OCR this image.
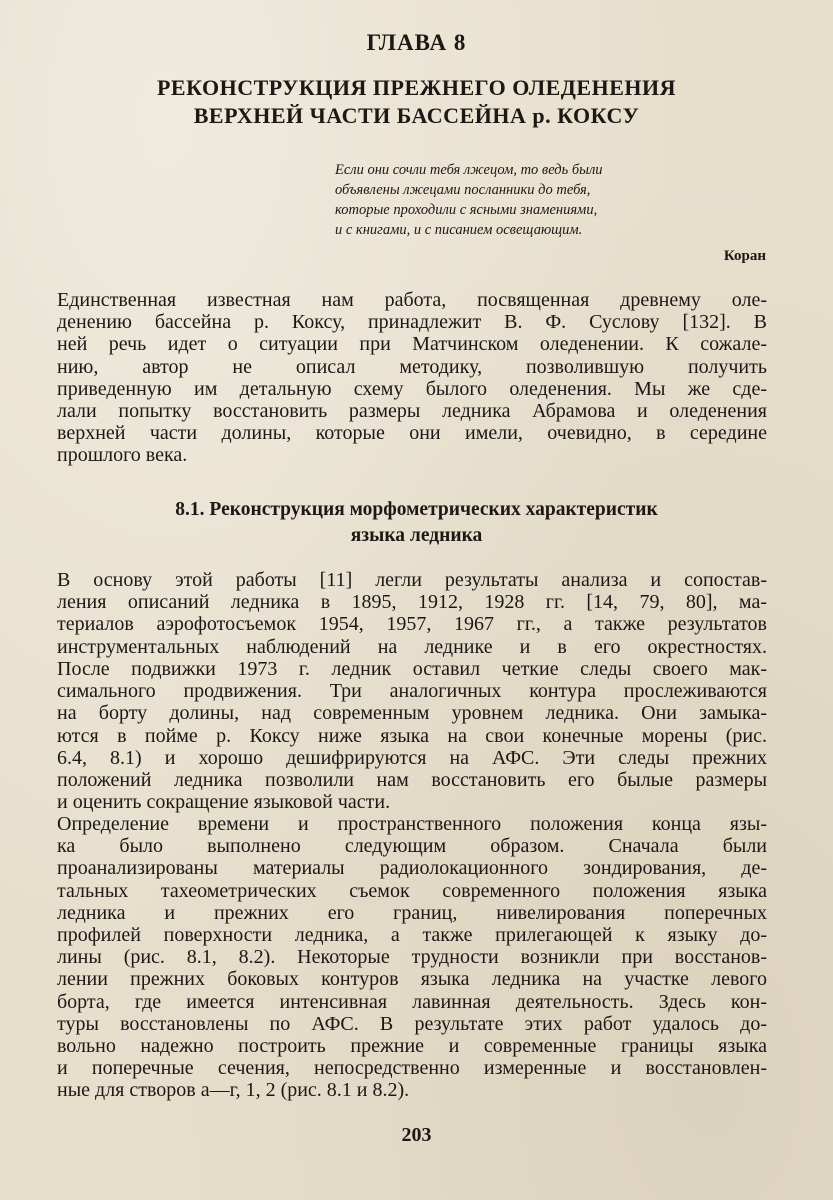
ГЛАВА 8
РЕКОНСТРУКЦИЯ ПРЕЖНЕГО ОЛЕДЕНЕНИЯ
ВЕРХНЕЙ ЧАСТИ БАССЕЙНА р. КОКСУ
Если они сочли тебя лжецом, то ведь были
объявлены лжецами посланники до тебя,
которые проходили с ясными знамениями,
и с книгами, и с писанием освещающим.
Коран
Единственная известная нам работа, посвященная древнему оле-
денению бассейна р. Коксу, принадлежит В. Ф. Суслову [132]. В
ней речь идет о ситуации при Матчинском оледенении. К сожале-
нию, автор не описал методику, позволившую получить
приведенную им детальную схему былого оледенения. Мы же сде-
лали попытку восстановить размеры ледника Абрамова и оледенения
верхней части долины, которые они имели, очевидно, в середине
прошлого века.
8.1. Реконструкция морфометрических характеристик
языка ледника
В основу этой работы [11] легли результаты анализа и сопостав-
ления описаний ледника в 1895, 1912, 1928 гг. [14, 79, 80], ма-
териалов аэрофотосъемок 1954, 1957, 1967 гг., а также результатов
инструментальных наблюдений на леднике и в его окрестностях.
После подвижки 1973 г. ледник оставил четкие следы своего мак-
симального продвижения. Три аналогичных контура прослеживаются
на борту долины, над современным уровнем ледника. Они замыка-
ются в пойме р. Коксу ниже языка на свои конечные морены (рис.
6.4, 8.1) и хорошо дешифрируются на АФС. Эти следы прежних
положений ледника позволили нам восстановить его былые размеры
и оценить сокращение языковой части.
Определение времени и пространственного положения конца язы-
ка было выполнено следующим образом. Сначала были
проанализированы материалы радиолокационного зондирования, де-
тальных тахеометрических съемок современного положения языка
ледника и прежних его границ, нивелирования поперечных
профилей поверхности ледника, а также прилегающей к языку до-
лины (рис. 8.1, 8.2). Некоторые трудности возникли при восстанов-
лении прежних боковых контуров языка ледника на участке левого
борта, где имеется интенсивная лавинная деятельность. Здесь кон-
туры восстановлены по АФС. В результате этих работ удалось до-
вольно надежно построить прежние и современные границы языка
и поперечные сечения, непосредственно измеренные и восстановлен-
ные для створов а—г, 1, 2 (рис. 8.1 и 8.2).
203
